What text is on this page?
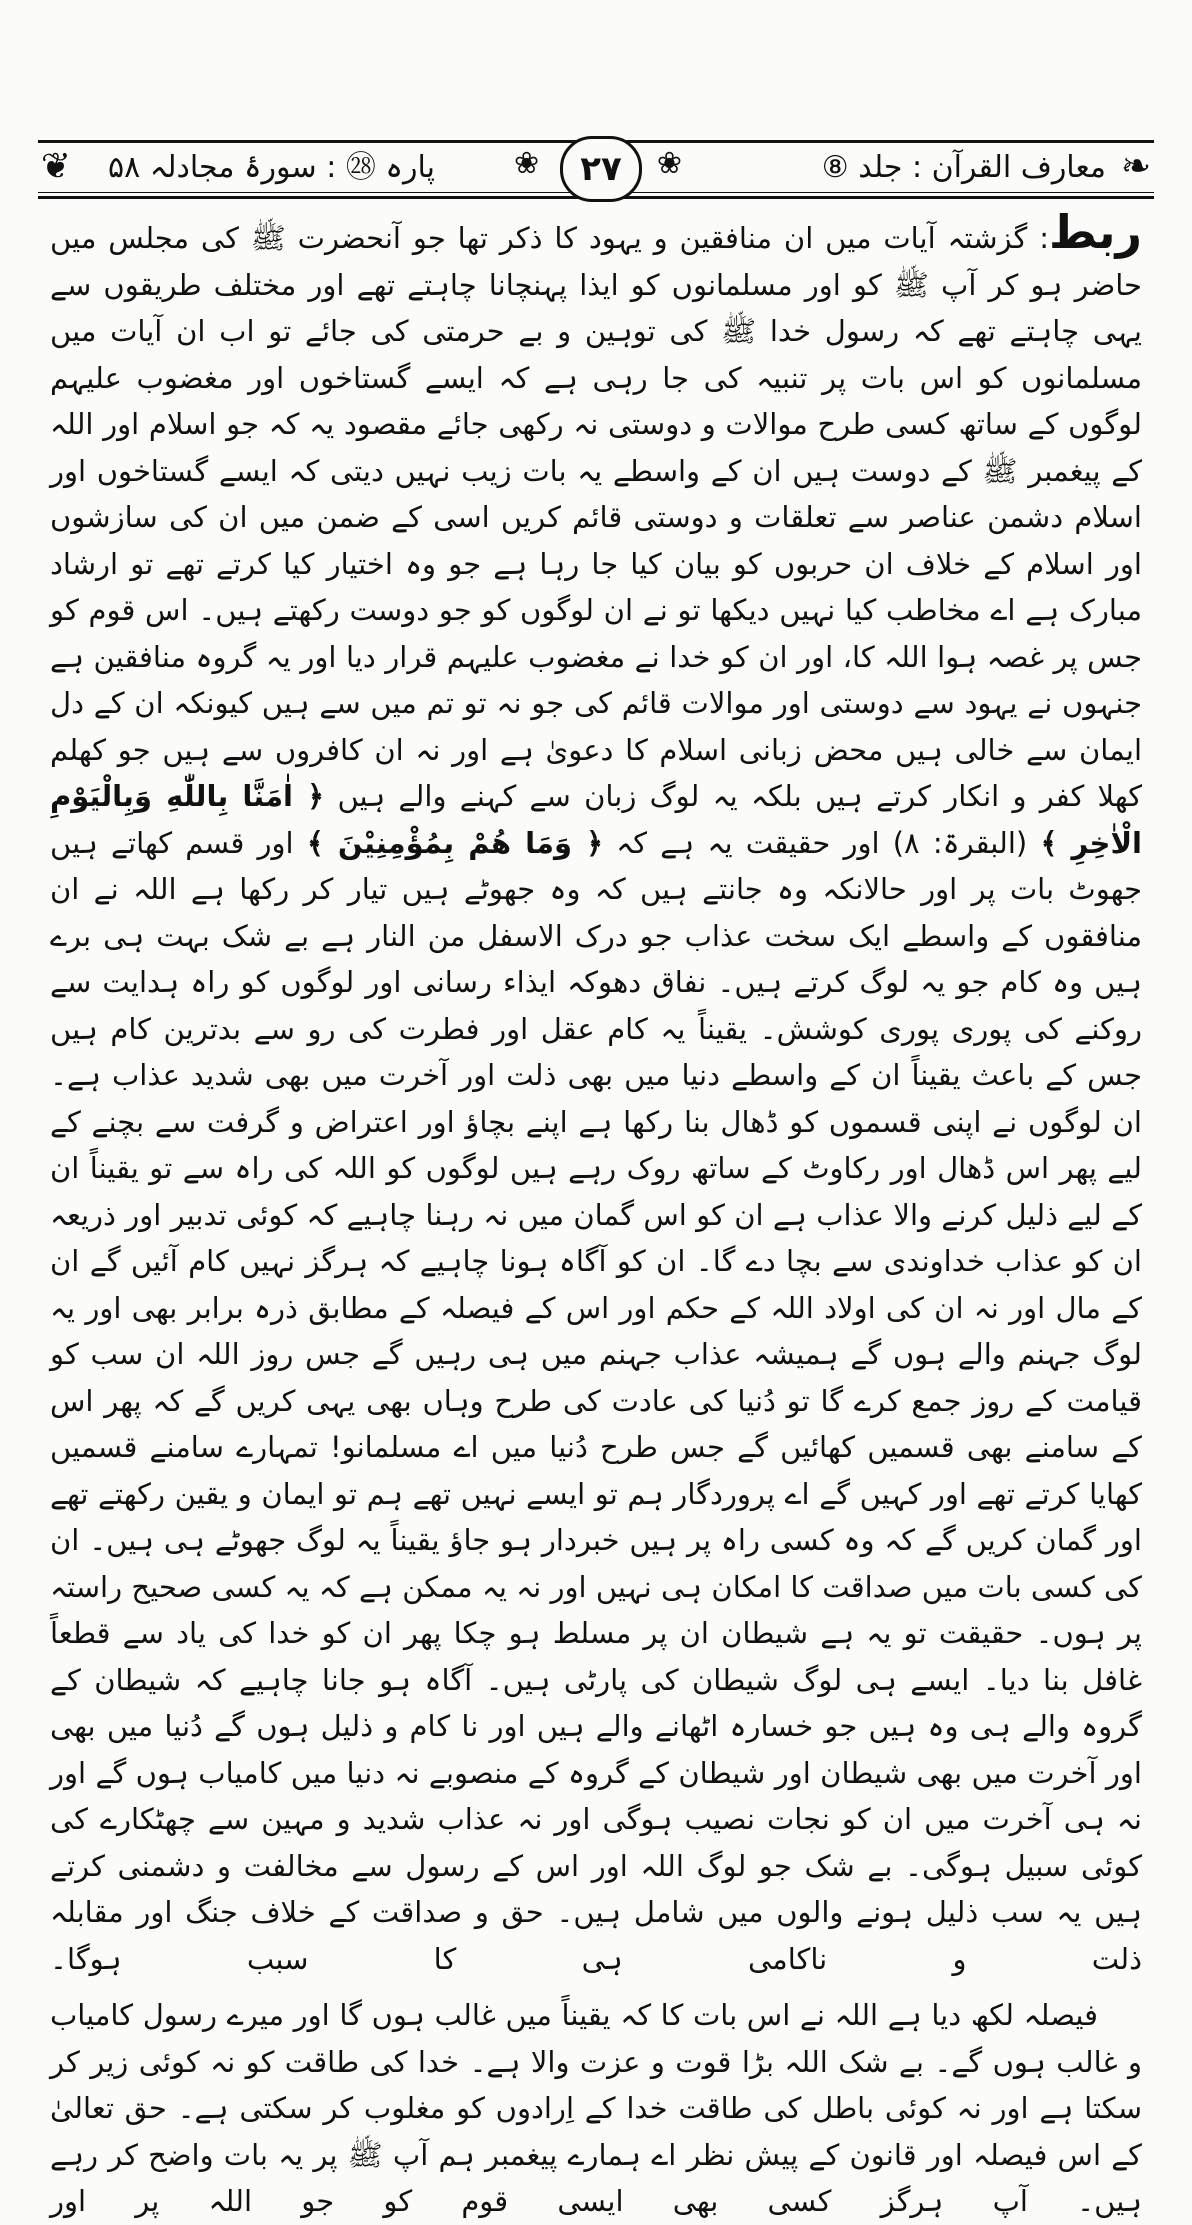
❦	❧
معارف القرآن : جلد ⑧
پارہ ㉘ : سورۂ مجادلہ ۵۸	❀	٢٧	❀

ربط: گزشتہ آیات میں ان منافقین و یہود کا ذکر تھا جو آنحضرت ﷺ کی مجلس میں حاضر ہو کر آپ ﷺ کو اور مسلمانوں کو ایذا پہنچانا چاہتے تھے اور مختلف طریقوں سے یہی چاہتے تھے کہ رسول خدا ﷺ کی توہین و بے حرمتی کی جائے تو اب ان آیات میں مسلمانوں کو اس بات پر تنبیہ کی جا رہی ہے کہ ایسے گستاخوں اور مغضوب علیہم لوگوں کے ساتھ کسی طرح موالات و دوستی نہ رکھی جائے مقصود یہ کہ جو اسلام اور اللہ کے پیغمبر ﷺ کے دوست ہیں ان کے واسطے یہ بات زیب نہیں دیتی کہ ایسے گستاخوں اور اسلام دشمن عناصر سے تعلقات و دوستی قائم کریں اسی کے ضمن میں ان کی سازشوں اور اسلام کے خلاف ان حربوں کو بیان کیا جا رہا ہے جو وہ اختیار کیا کرتے تھے تو ارشاد مبارک ہے اے مخاطب کیا نہیں دیکھا تو نے ان لوگوں کو جو دوست رکھتے ہیں۔ اس قوم کو جس پر غصہ ہوا اللہ کا، اور ان کو خدا نے مغضوب علیہم قرار دیا اور یہ گروہ منافقین ہے جنہوں نے یہود سے دوستی اور موالات قائم کی جو نہ تو تم میں سے ہیں کیونکہ ان کے دل ایمان سے خالی ہیں محض زبانی اسلام کا دعویٰ ہے اور نہ ان کافروں سے ہیں جو کھلم کھلا کفر و انکار کرتے ہیں بلکہ یہ لوگ زبان سے کہنے والے ہیں ﴿ اٰمَنَّا بِاللّٰهِ وَبِالْيَوْمِ الْاٰخِرِ ﴾ (البقرۃ: ۸) اور حقیقت یہ ہے کہ ﴿ وَمَا هُمْ بِمُؤْمِنِيْنَ ﴾ اور قسم کھاتے ہیں جھوٹ بات پر اور حالانکہ وہ جانتے ہیں کہ وہ جھوٹے ہیں تیار کر رکھا ہے اللہ نے ان منافقوں کے واسطے ایک سخت عذاب جو درک الاسفل من النار ہے بے شک بہت ہی برے ہیں وہ کام جو یہ لوگ کرتے ہیں۔ نفاق دھوکہ ایذاء رسانی اور لوگوں کو راہ ہدایت سے روکنے کی پوری پوری کوشش۔ یقیناً یہ کام عقل اور فطرت کی رو سے بدترین کام ہیں جس کے باعث یقیناً ان کے واسطے دنیا میں بھی ذلت اور آخرت میں بھی شدید عذاب ہے۔ ان لوگوں نے اپنی قسموں کو ڈھال بنا رکھا ہے اپنے بچاؤ اور اعتراض و گرفت سے بچنے کے لیے پھر اس ڈھال اور رکاوٹ کے ساتھ روک رہے ہیں لوگوں کو اللہ کی راہ سے تو یقیناً ان کے لیے ذلیل کرنے والا عذاب ہے ان کو اس گمان میں نہ رہنا چاہیے کہ کوئی تدبیر اور ذریعہ ان کو عذاب خداوندی سے بچا دے گا۔ ان کو آگاہ ہونا چاہیے کہ ہرگز نہیں کام آئیں گے ان کے مال اور نہ ان کی اولاد اللہ کے حکم اور اس کے فیصلہ کے مطابق ذرہ برابر بھی اور یہ لوگ جہنم والے ہوں گے ہمیشہ عذاب جہنم میں ہی رہیں گے جس روز اللہ ان سب کو قیامت کے روز جمع کرے گا تو دُنیا کی عادت کی طرح وہاں بھی یہی کریں گے کہ پھر اس کے سامنے بھی قسمیں کھائیں گے جس طرح دُنیا میں اے مسلمانو! تمہارے سامنے قسمیں کھایا کرتے تھے اور کہیں گے اے پروردگار ہم تو ایسے نہیں تھے ہم تو ایمان و یقین رکھتے تھے اور گمان کریں گے کہ وہ کسی راہ پر ہیں خبردار ہو جاؤ یقیناً یہ لوگ جھوٹے ہی ہیں۔ ان کی کسی بات میں صداقت کا امکان ہی نہیں اور نہ یہ ممکن ہے کہ یہ کسی صحیح راستہ پر ہوں۔ حقیقت تو یہ ہے شیطان ان پر مسلط ہو چکا پھر ان کو خدا کی یاد سے قطعاً غافل بنا دیا۔ ایسے ہی لوگ شیطان کی پارٹی ہیں۔ آگاہ ہو جانا چاہیے کہ شیطان کے گروہ والے ہی وہ ہیں جو خسارہ اٹھانے والے ہیں اور نا کام و ذلیل ہوں گے دُنیا میں بھی اور آخرت میں بھی شیطان اور شیطان کے گروہ کے منصوبے نہ دنیا میں کامیاب ہوں گے اور نہ ہی آخرت میں ان کو نجات نصیب ہوگی اور نہ عذاب شدید و مہین سے چھٹکارے کی کوئی سبیل ہوگی۔ بے شک جو لوگ اللہ اور اس کے رسول سے مخالفت و دشمنی کرتے ہیں یہ سب ذلیل ہونے والوں میں شامل ہیں۔ حق و صداقت کے خلاف جنگ اور مقابلہ ذلت و ناکامی ہی کا سبب ہوگا۔

فیصلہ لکھ دیا ہے اللہ نے اس بات کا کہ یقیناً میں غالب ہوں گا اور میرے رسول کامیاب و غالب ہوں گے۔ بے شک اللہ بڑا قوت و عزت والا ہے۔ خدا کی طاقت کو نہ کوئی زیر کر سکتا ہے اور نہ کوئی باطل کی طاقت خدا کے اِرادوں کو مغلوب کر سکتی ہے۔ حق تعالیٰ کے اس فیصلہ اور قانون کے پیش نظر اے ہمارے پیغمبر ہم آپ ﷺ پر یہ بات واضح کر رہے ہیں۔ آپ ہرگز کسی بھی ایسی قوم کو جو اللہ پر اور
